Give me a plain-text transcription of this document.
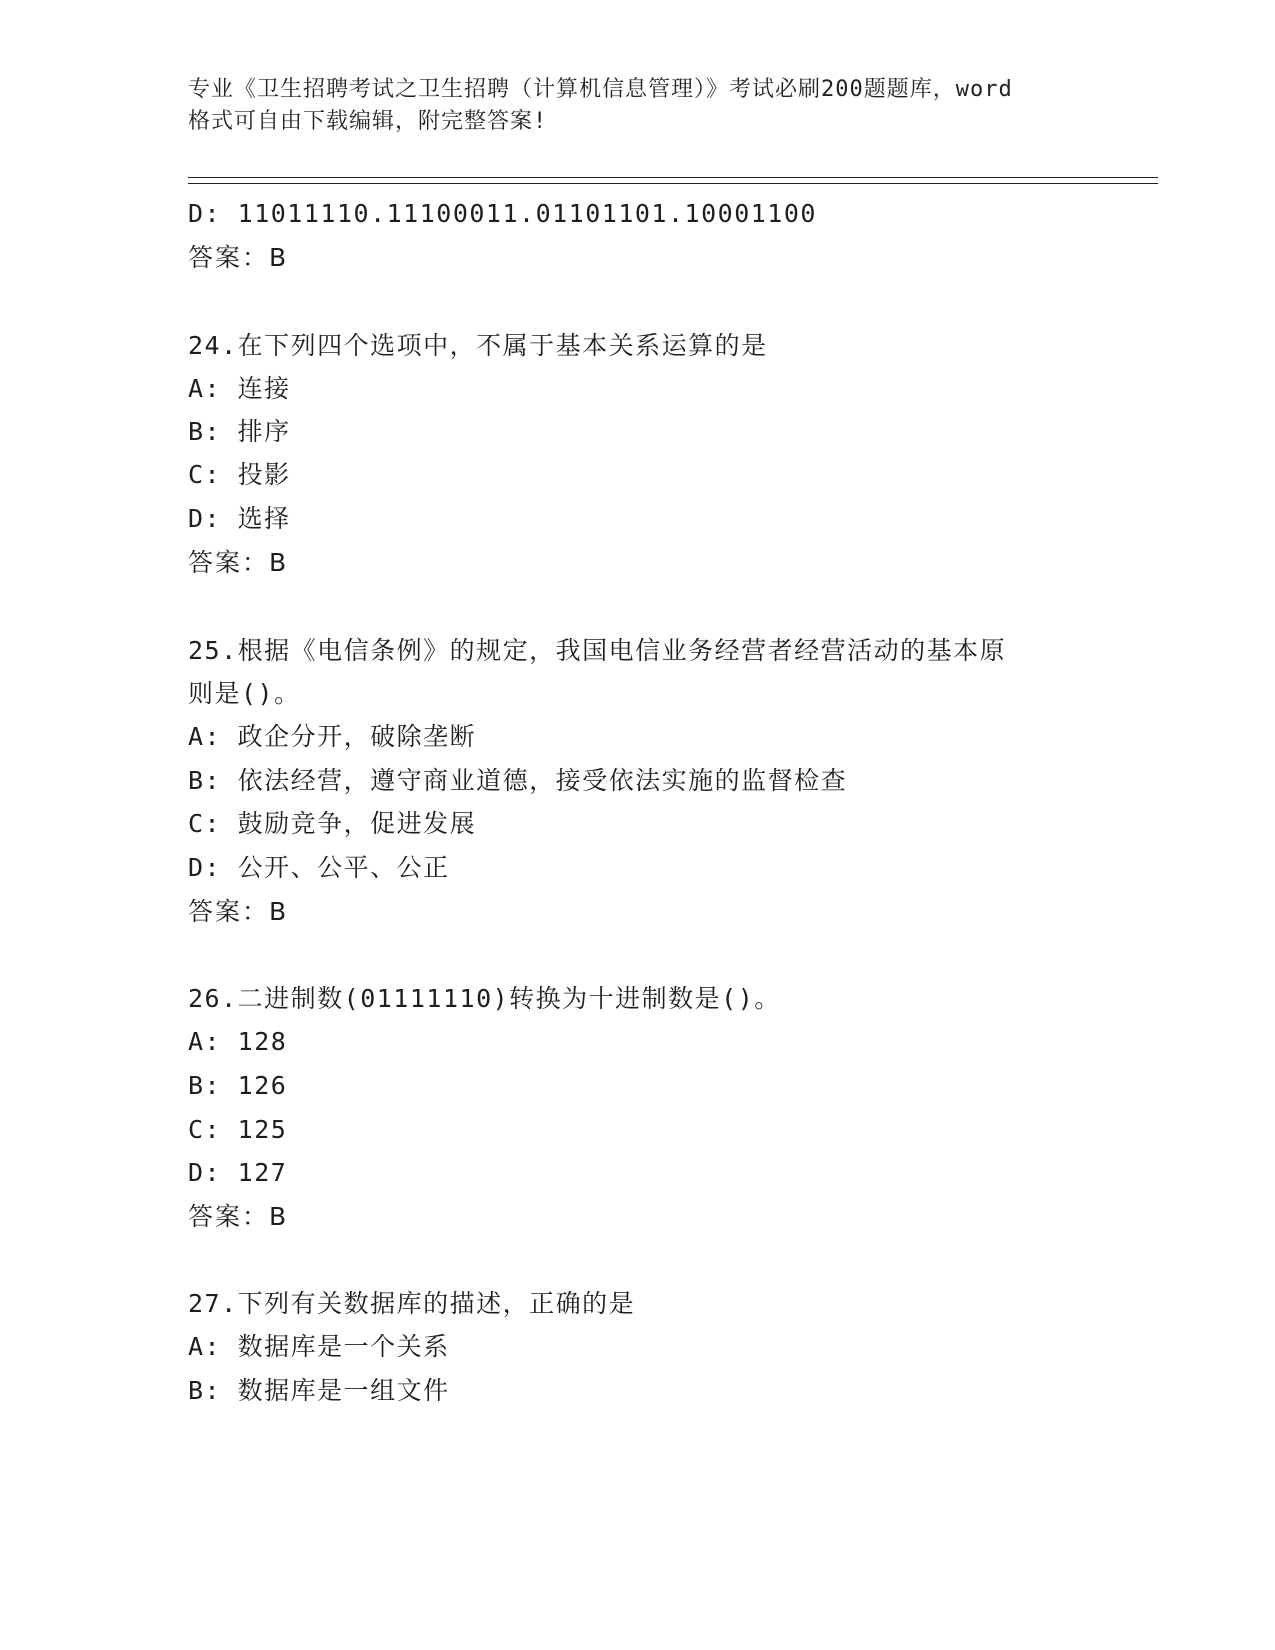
专业《卫生招聘考试之卫生招聘（计算机信息管理）》考试必刷200题题库，word
格式可自由下载编辑，附完整答案!
D: 11011110.11100011.01101101.10001100
答案：B
24.在下列四个选项中，不属于基本关系运算的是
A: 连接
B: 排序
C: 投影
D: 选择
答案：B
25.根据《电信条例》的规定，我国电信业务经营者经营活动的基本原
则是()。
A: 政企分开，破除垄断
B: 依法经营，遵守商业道德，接受依法实施的监督检查
C: 鼓励竞争，促进发展
D: 公开、公平、公正
答案：B
26.二进制数(01111110)转换为十进制数是()。
A: 128
B: 126
C: 125
D: 127
答案：B
27.下列有关数据库的描述，正确的是
A: 数据库是一个关系
B: 数据库是一组文件
